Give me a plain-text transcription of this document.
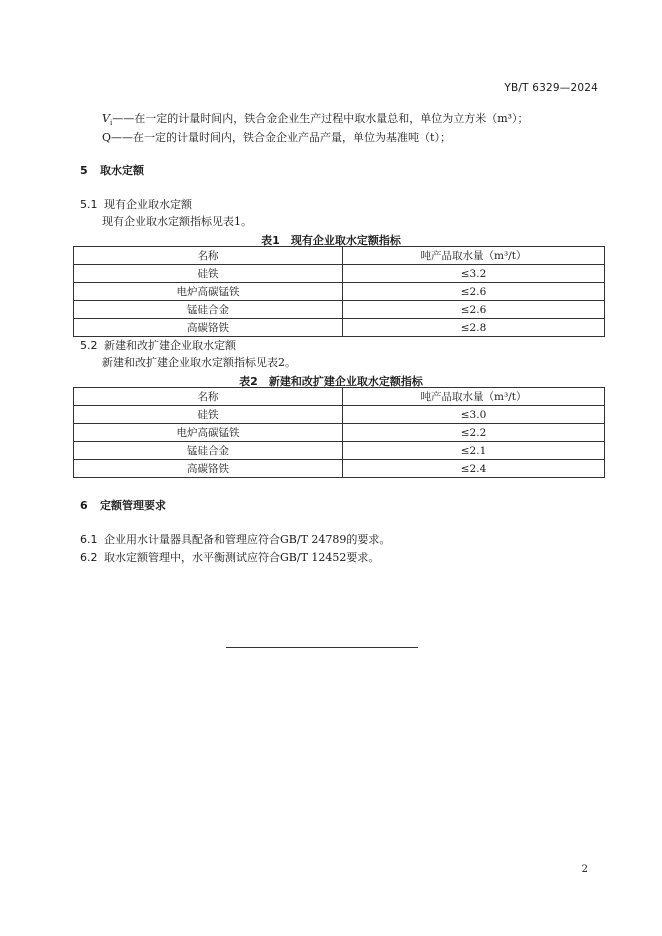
YB/T 6329—2024
$V_i——$在一定的计量时间内，铁合金企业生产过程中取水量总和，单位为立方米（m³）；
Q——在一定的计量时间内，铁合金企业产品产量，单位为基准吨（t）；
5 取水定额
5.1 现有企业取水定额
现有企业取水定额指标见表1。
表1　现有企业取水定额指标
名称	吨产品取水量（m³/t）
硅铁	≤3.2
电炉高碳锰铁	≤2.6
锰硅合金	≤2.6
高碳铬铁	≤2.8
5.2 新建和改扩建企业取水定额
新建和改扩建企业取水定额指标见表2。
表2　新建和改扩建企业取水定额指标
名称	吨产品取水量（m³/t）
硅铁	≤3.0
电炉高碳锰铁	≤2.2
锰硅合金	≤2.1
高碳铬铁	≤2.4
6 定额管理要求
6.1 企业用水计量器具配备和管理应符合GB/T 24789的要求。
6.2 取水定额管理中，水平衡测试应符合GB/T 12452要求。
2
